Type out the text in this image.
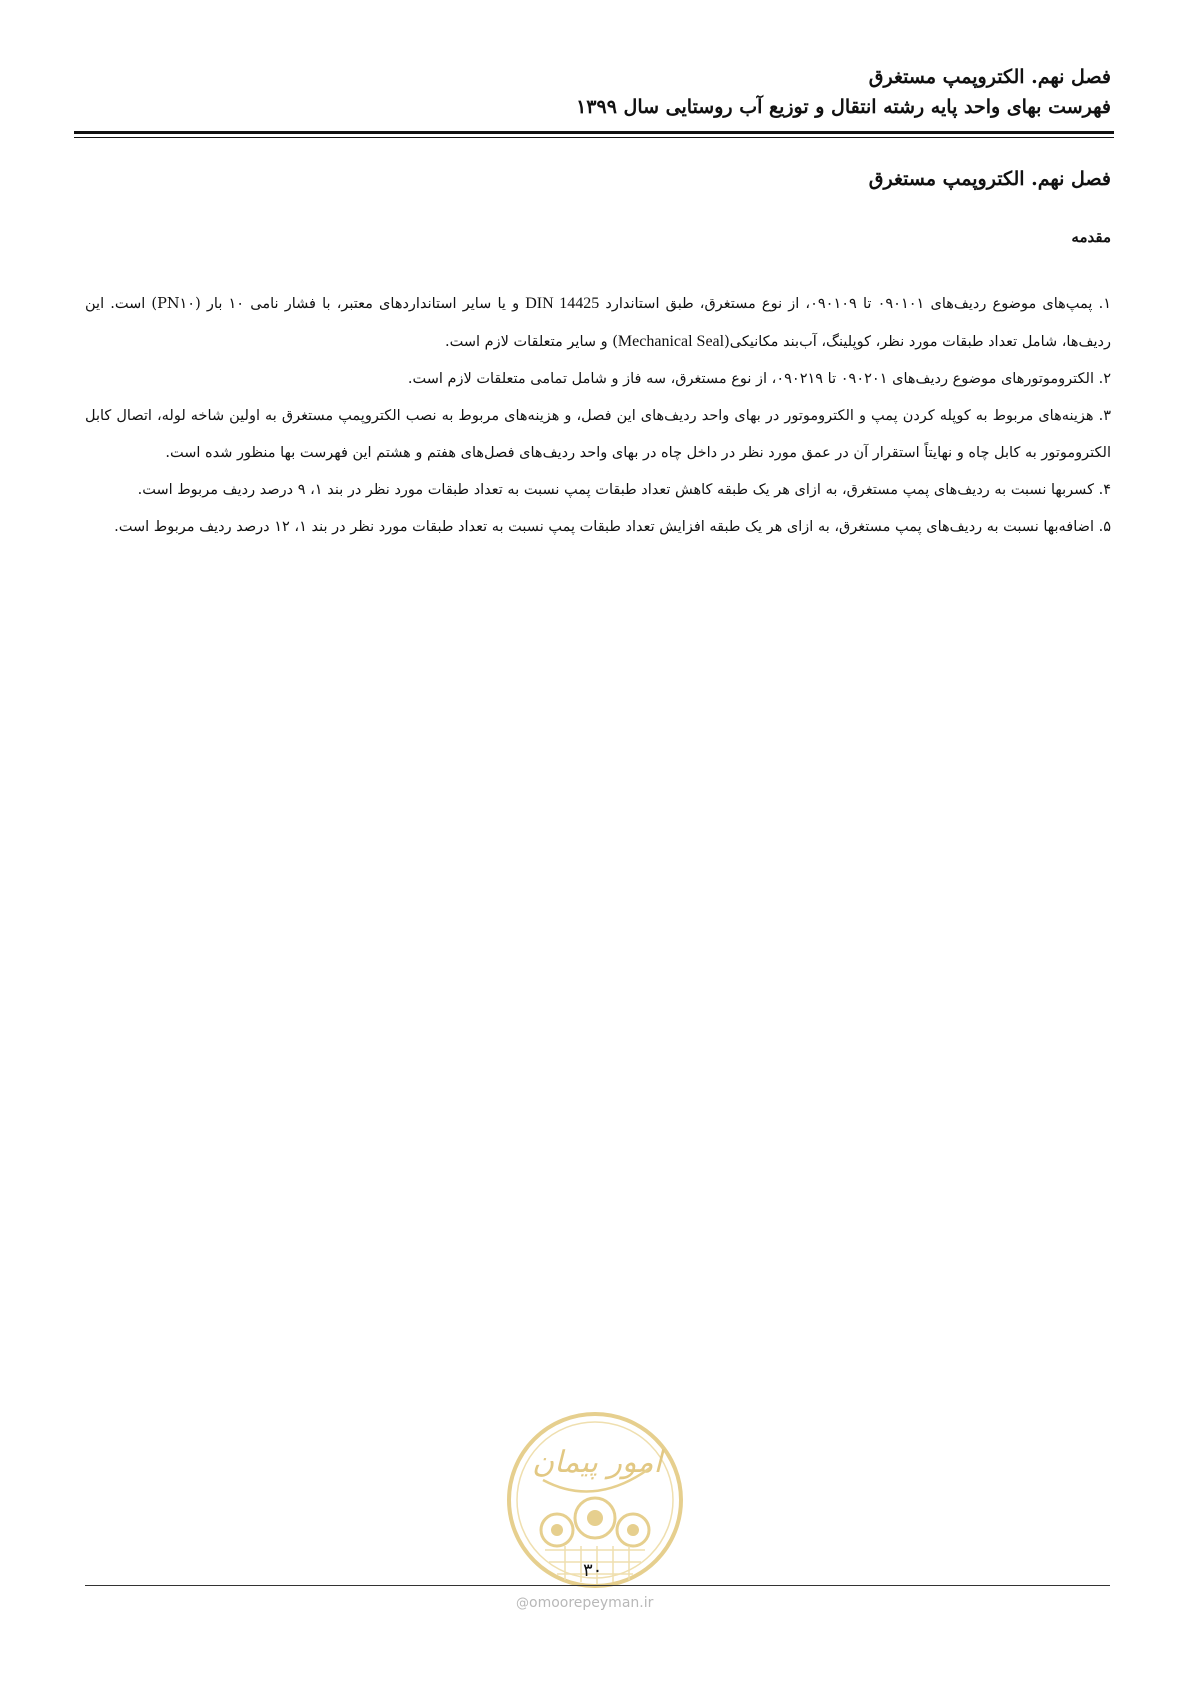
فصل نهم. الکتروپمپ مستغرق
فهرست بهای واحد پایه رشته انتقال و توزیع آب روستایی سال ۱۳۹۹
فصل نهم. الکتروپمپ مستغرق
مقدمه

۱. پمپ‌های موضوع ردیف‌های ۰۹۰۱۰۱ تا ۰۹۰۱۰۹، از نوع مستغرق، طبق استاندارد DIN 14425 و یا سایر استانداردهای معتبر، با فشار نامی ۱۰ بار (PN۱۰) است. این ردیف‌ها، شامل تعداد طبقات مورد نظر، کوپلینگ، آب‌بند مکانیکی(Mechanical Seal) و سایر متعلقات لازم است.

۲. الکتروموتورهای موضوع ردیف‌های ۰۹۰۲۰۱ تا ۰۹۰۲۱۹، از نوع مستغرق، سه فاز و شامل تمامی متعلقات لازم است.

۳. هزینه‌های مربوط به کوپله کردن پمپ و الکتروموتور در بهای واحد ردیف‌های این فصل، و هزینه‌های مربوط به نصب الکتروپمپ مستغرق به اولین شاخه لوله، اتصال کابل الکتروموتور به کابل چاه و نهایتاً استقرار آن در عمق مورد نظر در داخل چاه در بهای واحد ردیف‌های فصل‌های هفتم و هشتم این فهرست بها منظور شده است.

۴. کسربها نسبت به ردیف‌های پمپ مستغرق، به ازای هر یک طبقه کاهش تعداد طبقات پمپ نسبت به تعداد طبقات مورد نظر در بند ۱، ۹ درصد ردیف مربوط است.

۵. اضافه‌بها نسبت به ردیف‌های پمپ مستغرق، به ازای هر یک طبقه افزایش تعداد طبقات پمپ نسبت به تعداد طبقات مورد نظر در بند ۱، ۱۲ درصد ردیف مربوط است.

امور پیمان
۳۰
@omoorepeyman.ir
